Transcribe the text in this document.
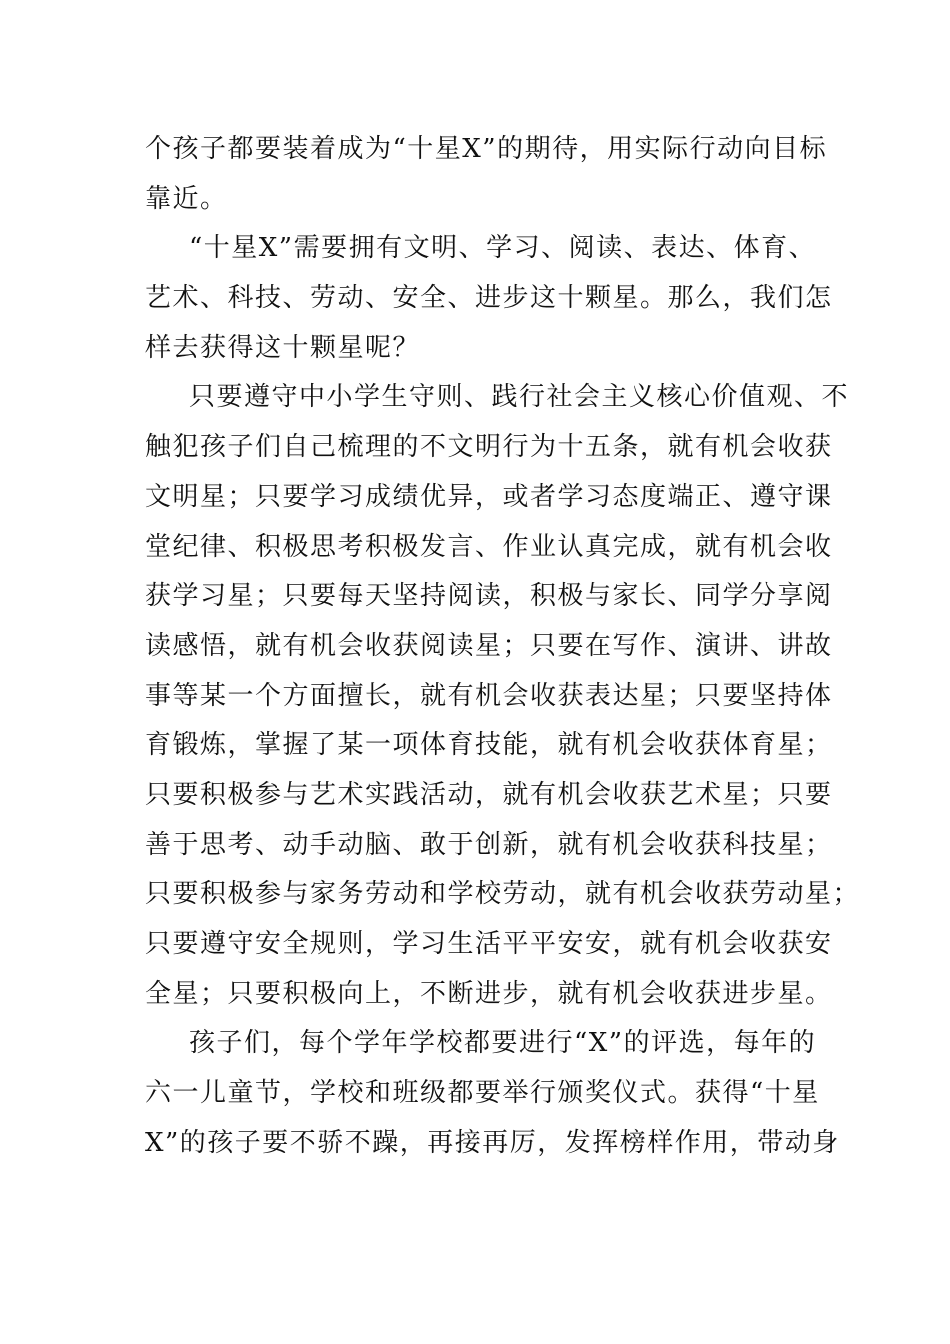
个孩子都要装着成为“十星X”的期待，用实际行动向目标
靠近。
“十星X”需要拥有文明、学习、阅读、表达、体育、
艺术、科技、劳动、安全、进步这十颗星。那么，我们怎
样去获得这十颗星呢？
只要遵守中小学生守则、践行社会主义核心价值观、不
触犯孩子们自己梳理的不文明行为十五条，就有机会收获
文明星；只要学习成绩优异，或者学习态度端正、遵守课
堂纪律、积极思考积极发言、作业认真完成，就有机会收
获学习星；只要每天坚持阅读，积极与家长、同学分享阅
读感悟，就有机会收获阅读星；只要在写作、演讲、讲故
事等某一个方面擅长，就有机会收获表达星；只要坚持体
育锻炼，掌握了某一项体育技能，就有机会收获体育星；
只要积极参与艺术实践活动，就有机会收获艺术星；只要
善于思考、动手动脑、敢于创新，就有机会收获科技星；
只要积极参与家务劳动和学校劳动，就有机会收获劳动星；
只要遵守安全规则，学习生活平平安安，就有机会收获安
全星；只要积极向上，不断进步，就有机会收获进步星。
孩子们，每个学年学校都要进行“X”的评选，每年的
六一儿童节，学校和班级都要举行颁奖仪式。获得“十星
X”的孩子要不骄不躁，再接再厉，发挥榜样作用，带动身
